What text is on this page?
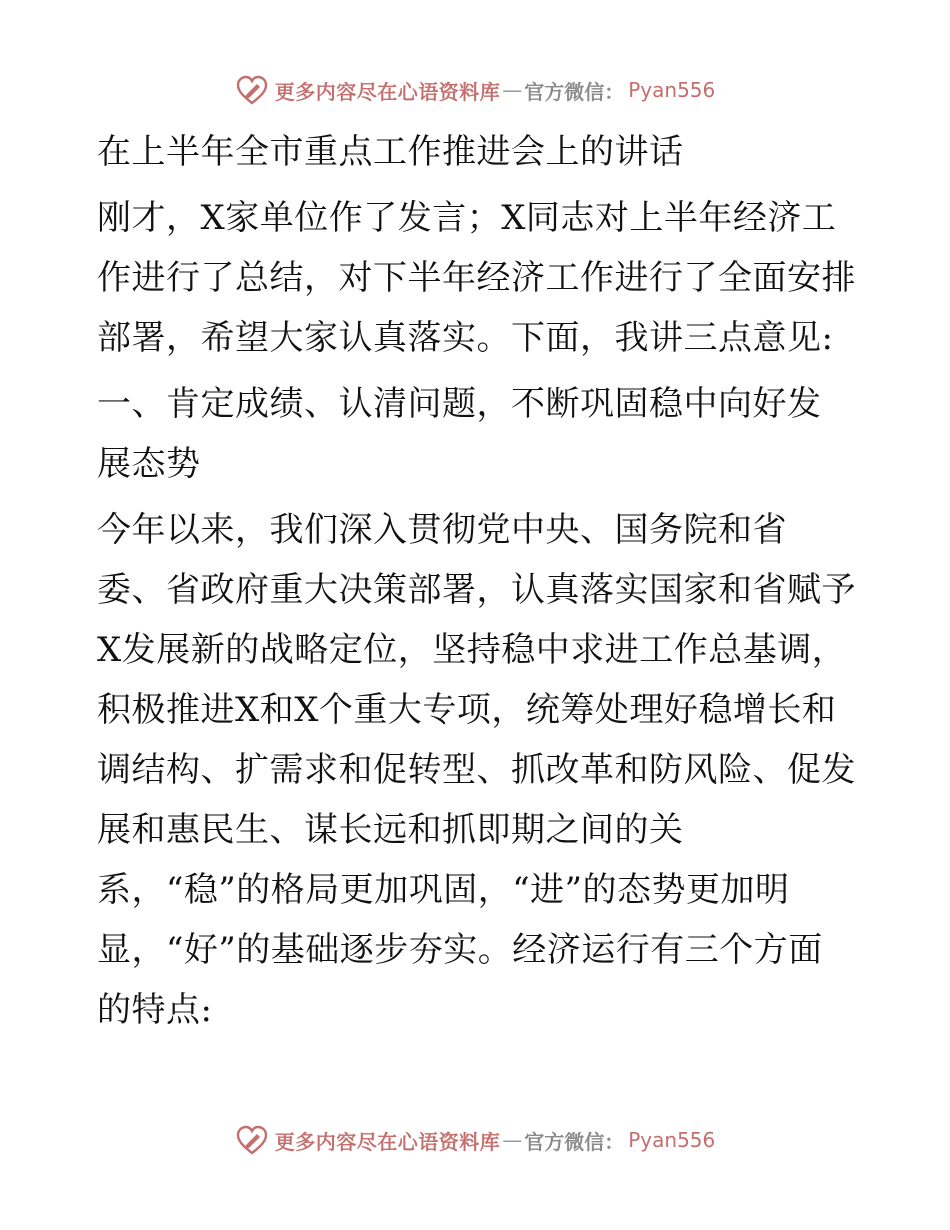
更多内容尽在心语资料库 — 官方微信： Pyan556
在上半年全市重点工作推进会上的讲话
刚才，X家单位作了发言；X同志对上半年经济工
作进行了总结，对下半年经济工作进行了全面安排
部署，希望大家认真落实。下面，我讲三点意见:
一、肯定成绩、认清问题，不断巩固稳中向好发
展态势
今年以来，我们深入贯彻党中央、国务院和省
委、省政府重大决策部署，认真落实国家和省赋予
X发展新的战略定位，坚持稳中求进工作总基调，
积极推进X和X个重大专项，统筹处理好稳增长和
调结构、扩需求和促转型、抓改革和防风险、促发
展和惠民生、谋长远和抓即期之间的关
系，“稳”的格局更加巩固，“进”的态势更加明
显，“好”的基础逐步夯实。经济运行有三个方面
的特点:
更多内容尽在心语资料库 — 官方微信： Pyan556
